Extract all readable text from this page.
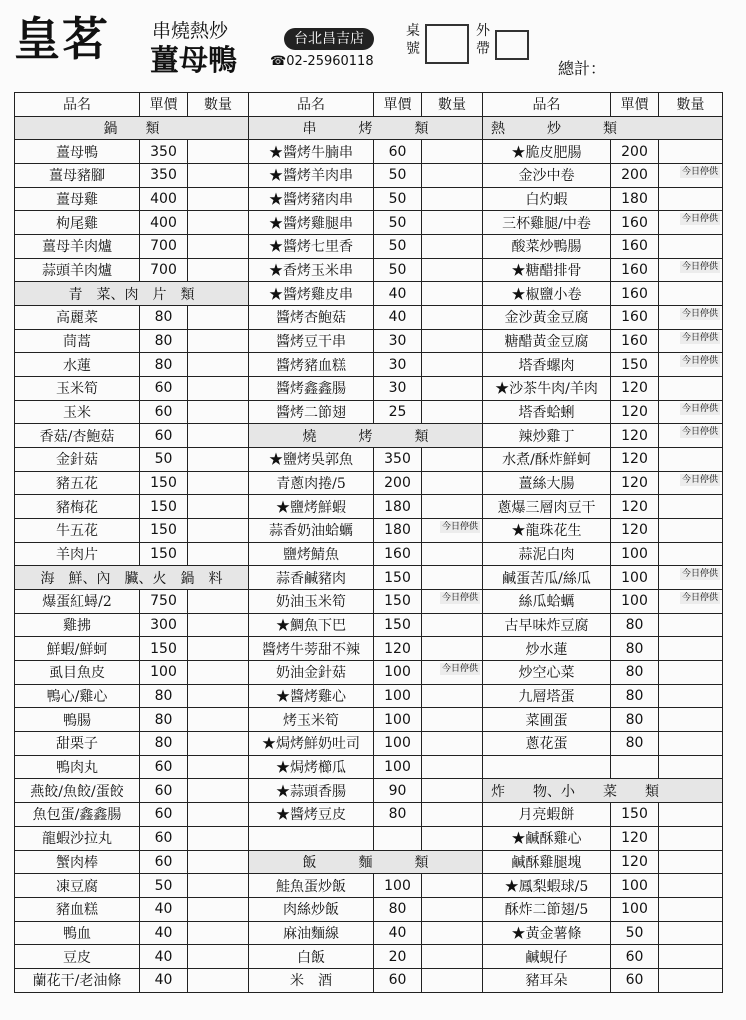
皇茗 串燒熱炒
薑母鴨
台北昌吉店
☎02-25960118
桌號
外帶
總計：
品名	單價	數量	品名	單價	數量	品名	單價	數量
鍋　　類			串　　　烤　　　類			熱　　　炒　　　類		
薑母鴨	350		★醬烤牛腩串	60		★脆皮肥腸	200	
薑母豬腳	350		★醬烤羊肉串	50		金沙中卷	200	今日停供

薑母雞	400		★醬烤豬肉串	50		白灼蝦	180	
枸尾雞	400		★醬烤雞腿串	50		三杯雞腿/中卷	160	今日停供

薑母羊肉爐	700		★醬烤七里香	50		酸菜炒鴨腸	160	
蒜頭羊肉爐	700		★香烤玉米串	50		★糖醋排骨	160	今日停供

青　菜、肉　片　類			★醬烤雞皮串	40		★椒鹽小卷	160	
高麗菜	80		醬烤杏鮑菇	40		金沙黃金豆腐	160	今日停供

茼蒿	80		醬烤豆干串	30		糖醋黃金豆腐	160	今日停供

水蓮	80		醬烤豬血糕	30		塔香螺肉	150	今日停供

玉米筍	60		醬烤鑫鑫腸	30		★沙茶牛肉/羊肉	120	
玉米	60		醬烤二節翅	25		塔香蛤蜊	120	今日停供

香菇/杏鮑菇	60		燒　　　烤　　　類			辣炒雞丁	120	今日停供

金針菇	50		★鹽烤吳郭魚	350		水煮/酥炸鮮蚵	120	
豬五花	150		青蔥肉捲/5	200		薑絲大腸	120	今日停供

豬梅花	150		★鹽烤鮮蝦	180		蔥爆三層肉豆干	120	
牛五花	150		蒜香奶油蛤蠣	180	今日停供	★龍珠花生	120	
羊肉片	150		鹽烤鯖魚	160		蒜泥白肉	100	
海　鮮、內　臟、火　鍋　料			蒜香鹹豬肉	150		鹹蛋苦瓜/絲瓜	100	今日停供

爆蛋紅蟳/2	750		奶油玉米筍	150	今日停供	絲瓜蛤蠣	100	今日停供

雞拂	300		★鯛魚下巴	150		古早味炸豆腐	80	
鮮蝦/鮮蚵	150		醬烤牛蒡甜不辣	120		炒水蓮	80	
虱目魚皮	100		奶油金針菇	100	今日停供	炒空心菜	80	
鴨心/雞心	80		★醬烤雞心	100		九層塔蛋	80	
鴨腸	80		烤玉米筍	100		菜圃蛋	80	
甜栗子	80		★焗烤鮮奶吐司	100		蔥花蛋	80	
鴨肉丸	60		★焗烤櫛瓜	100				
燕餃/魚餃/蛋餃	60		★蒜頭香腸	90		炸　　物、小　　菜　　類		
魚包蛋/鑫鑫腸	60		★醬烤豆皮	80		月亮蝦餅	150	
龍蝦沙拉丸	60					★鹹酥雞心	120	
蟹肉棒	60		飯　　　麵　　　類			鹹酥雞腿塊	120	
凍豆腐	50		鮭魚蛋炒飯	100		★鳳梨蝦球/5	100	
豬血糕	40		肉絲炒飯	80		酥炸二節翅/5	100	
鴨血	40		麻油麵線	40		★黃金薯條	50	
豆皮	40		白飯	20		鹹蜆仔	60	
蘭花干/老油條	40		米　酒	60		豬耳朵	60	
